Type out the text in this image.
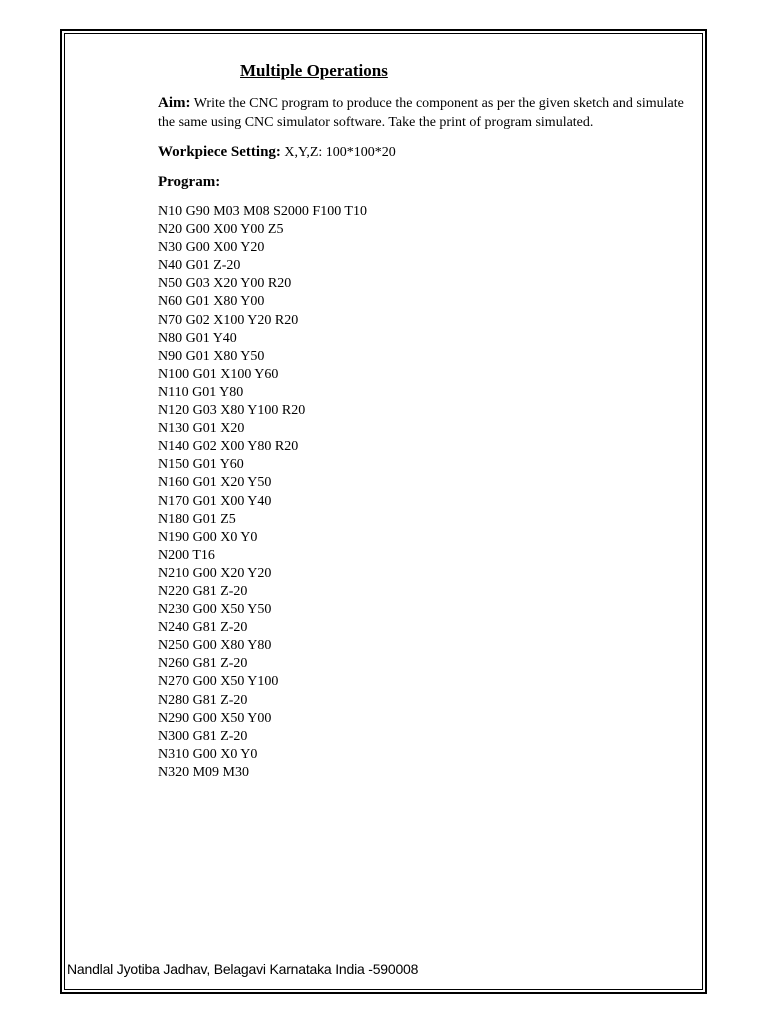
Multiple Operations
Aim: Write the CNC program to produce the component as per the given sketch and simulate the same using CNC simulator software. Take the print of program simulated.
Workpiece Setting: X,Y,Z: 100*100*20
Program:
N10 G90 M03 M08 S2000 F100 T10
N20 G00 X00 Y00 Z5
N30 G00 X00 Y20
N40 G01 Z-20
N50 G03 X20 Y00 R20
N60 G01 X80 Y00
N70 G02 X100 Y20 R20
N80 G01 Y40
N90 G01 X80 Y50
N100 G01 X100 Y60
N110 G01 Y80
N120 G03 X80 Y100 R20
N130 G01 X20
N140 G02 X00 Y80 R20
N150 G01 Y60
N160 G01 X20 Y50
N170 G01 X00 Y40
N180 G01 Z5
N190 G00 X0 Y0
N200 T16
N210 G00 X20 Y20
N220 G81 Z-20
N230 G00 X50 Y50
N240 G81 Z-20
N250 G00 X80 Y80
N260 G81 Z-20
N270 G00 X50 Y100
N280 G81 Z-20
N290 G00 X50 Y00
N300 G81 Z-20
N310 G00 X0 Y0
N320 M09 M30
Nandlal Jyotiba Jadhav, Belagavi Karnataka India -590008
